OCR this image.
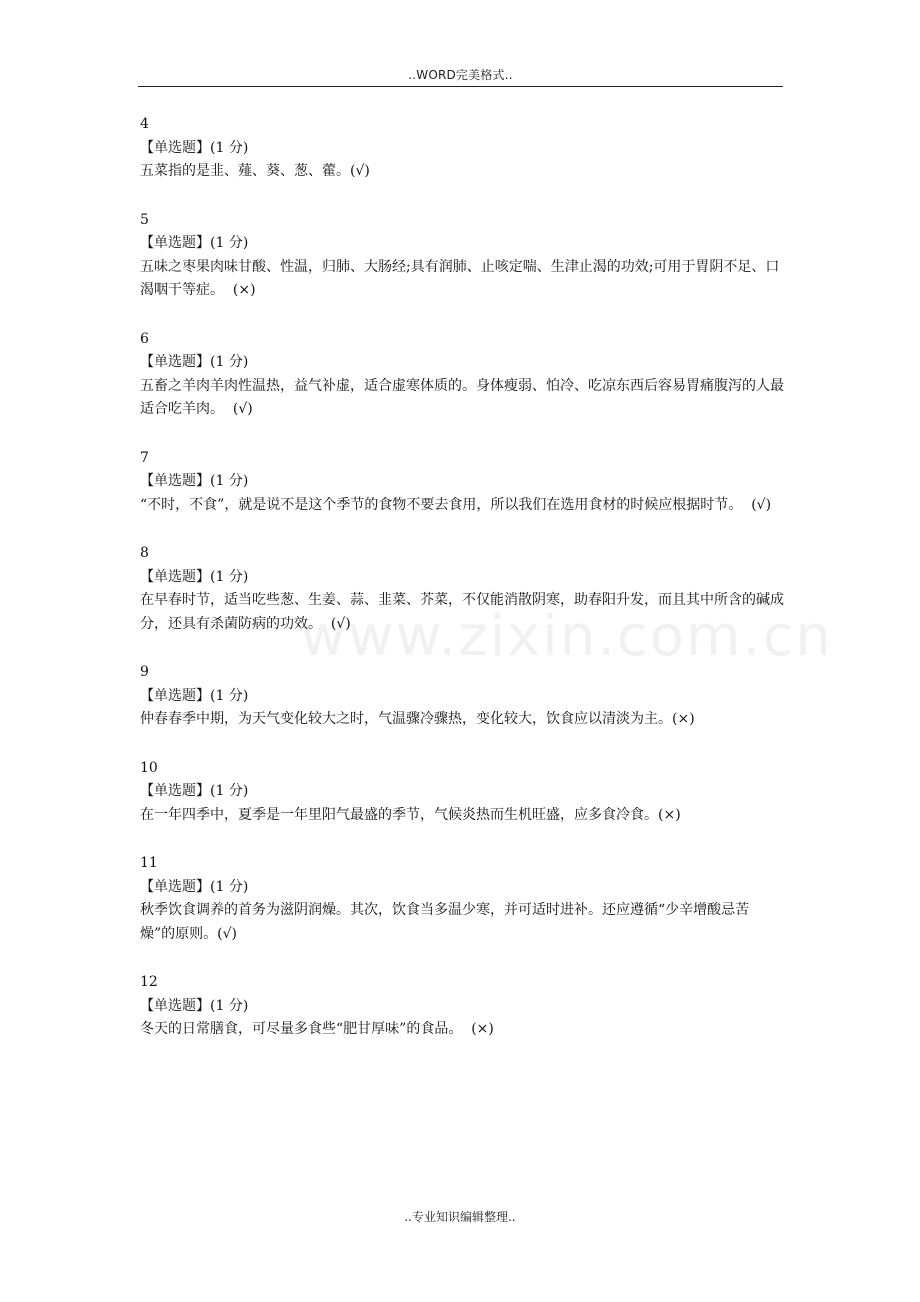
..WORD完美格式..
www.zixin.com.cn

4

【单选题】(1 分)

五菜指的是韭、薤、葵、葱、藿。(√)

5

【单选题】(1 分)

五味之枣果肉味甘酸、性温，归肺、大肠经;具有润肺、止咳定喘、生津止渴的功效;可用于胃阴不足、口渴咽干等症。  (×)

6

【单选题】(1 分)

五畜之羊肉羊肉性温热，益气补虚，适合虚寒体质的。身体瘦弱、怕冷、吃凉东西后容易胃痛腹泻的人最适合吃羊肉。  (√)

7

【单选题】(1 分)

“不时，不食”，就是说不是这个季节的食物不要去食用，所以我们在选用食材的时候应根据时节。  (√)

8

【单选题】(1 分)

在早春时节，适当吃些葱、生姜、蒜、韭菜、芥菜，不仅能消散阴寒，助春阳升发，而且其中所含的碱成分，还具有杀菌防病的功效。  (√)

9

【单选题】(1 分)

仲春春季中期，为天气变化较大之时，气温骤冷骤热，变化较大，饮食应以清淡为主。(×)

10

【单选题】(1 分)

在一年四季中，夏季是一年里阳气最盛的季节，气候炎热而生机旺盛，应多食冷食。(×)

11

【单选题】(1 分)

秋季饮食调养的首务为滋阴润燥。其次，饮食当多温少寒，并可适时进补。还应遵循“少辛增酸忌苦燥”的原则。(√)

12

【单选题】(1 分)

冬天的日常膳食，可尽量多食些“肥甘厚味”的食品。  (×)

..专业知识编辑整理..
